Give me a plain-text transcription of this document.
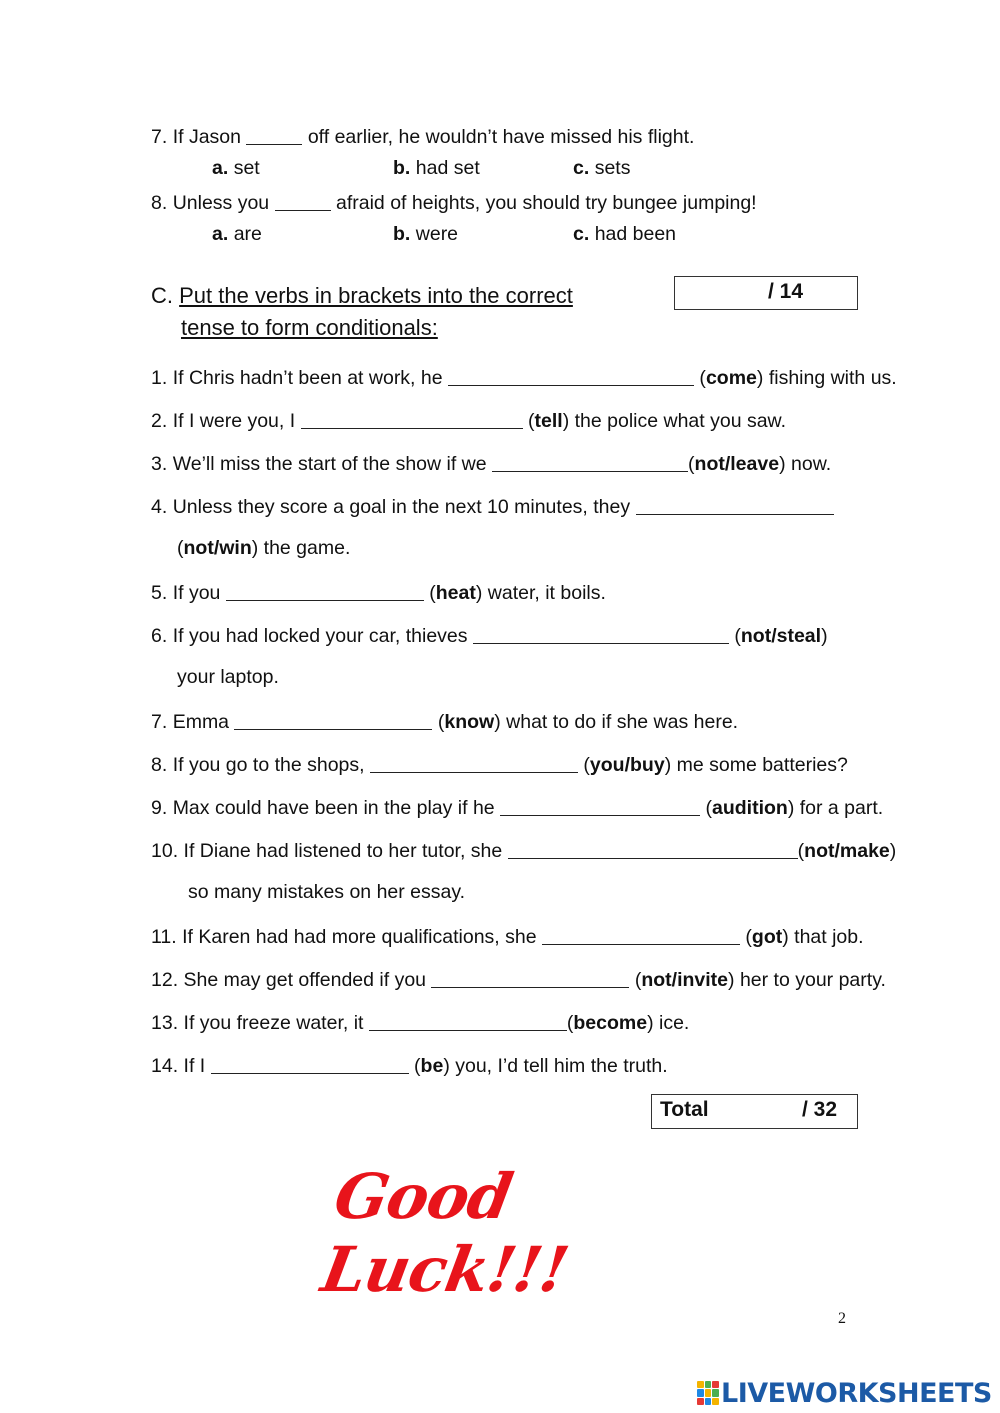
7. If Jason	off earlier, he wouldn’t have missed his flight.
a. set	b. had set	c. sets
8. Unless you	afraid of heights, you should try bungee jumping!
a. are	b. were	c. had been
C. Put the verbs in brackets into the correct
tense to form conditionals:
/ 14
1. If Chris hadn’t been at work, he	(come) fishing with us.
2. If I were you, I	(tell) the police what you saw.
3. We’ll miss the start of the show if we	(not/leave) now.
4. Unless they score a goal in the next 10 minutes, they
(not/win) the game.
5. If you	(heat) water, it boils.
6. If you had locked your car, thieves	(not/steal)
your laptop.
7. Emma	(know) what to do if she was here.
8. If you go to the shops,	(you/buy) me some batteries?
9. Max could have been in the play if he	(audition) for a part.
10. If Diane had listened to her tutor, she	(not/make)
so many mistakes on her essay.
11. If Karen had had more qualifications, she	(got) that job.
12. She may get offended if you	(not/invite) her to your party.
13. If you freeze water, it	(become) ice.
14. If I	(be) you, I’d tell him the truth.
Total	/ 32
Good Luck!!!
2
LIVEWORKSHEETS
